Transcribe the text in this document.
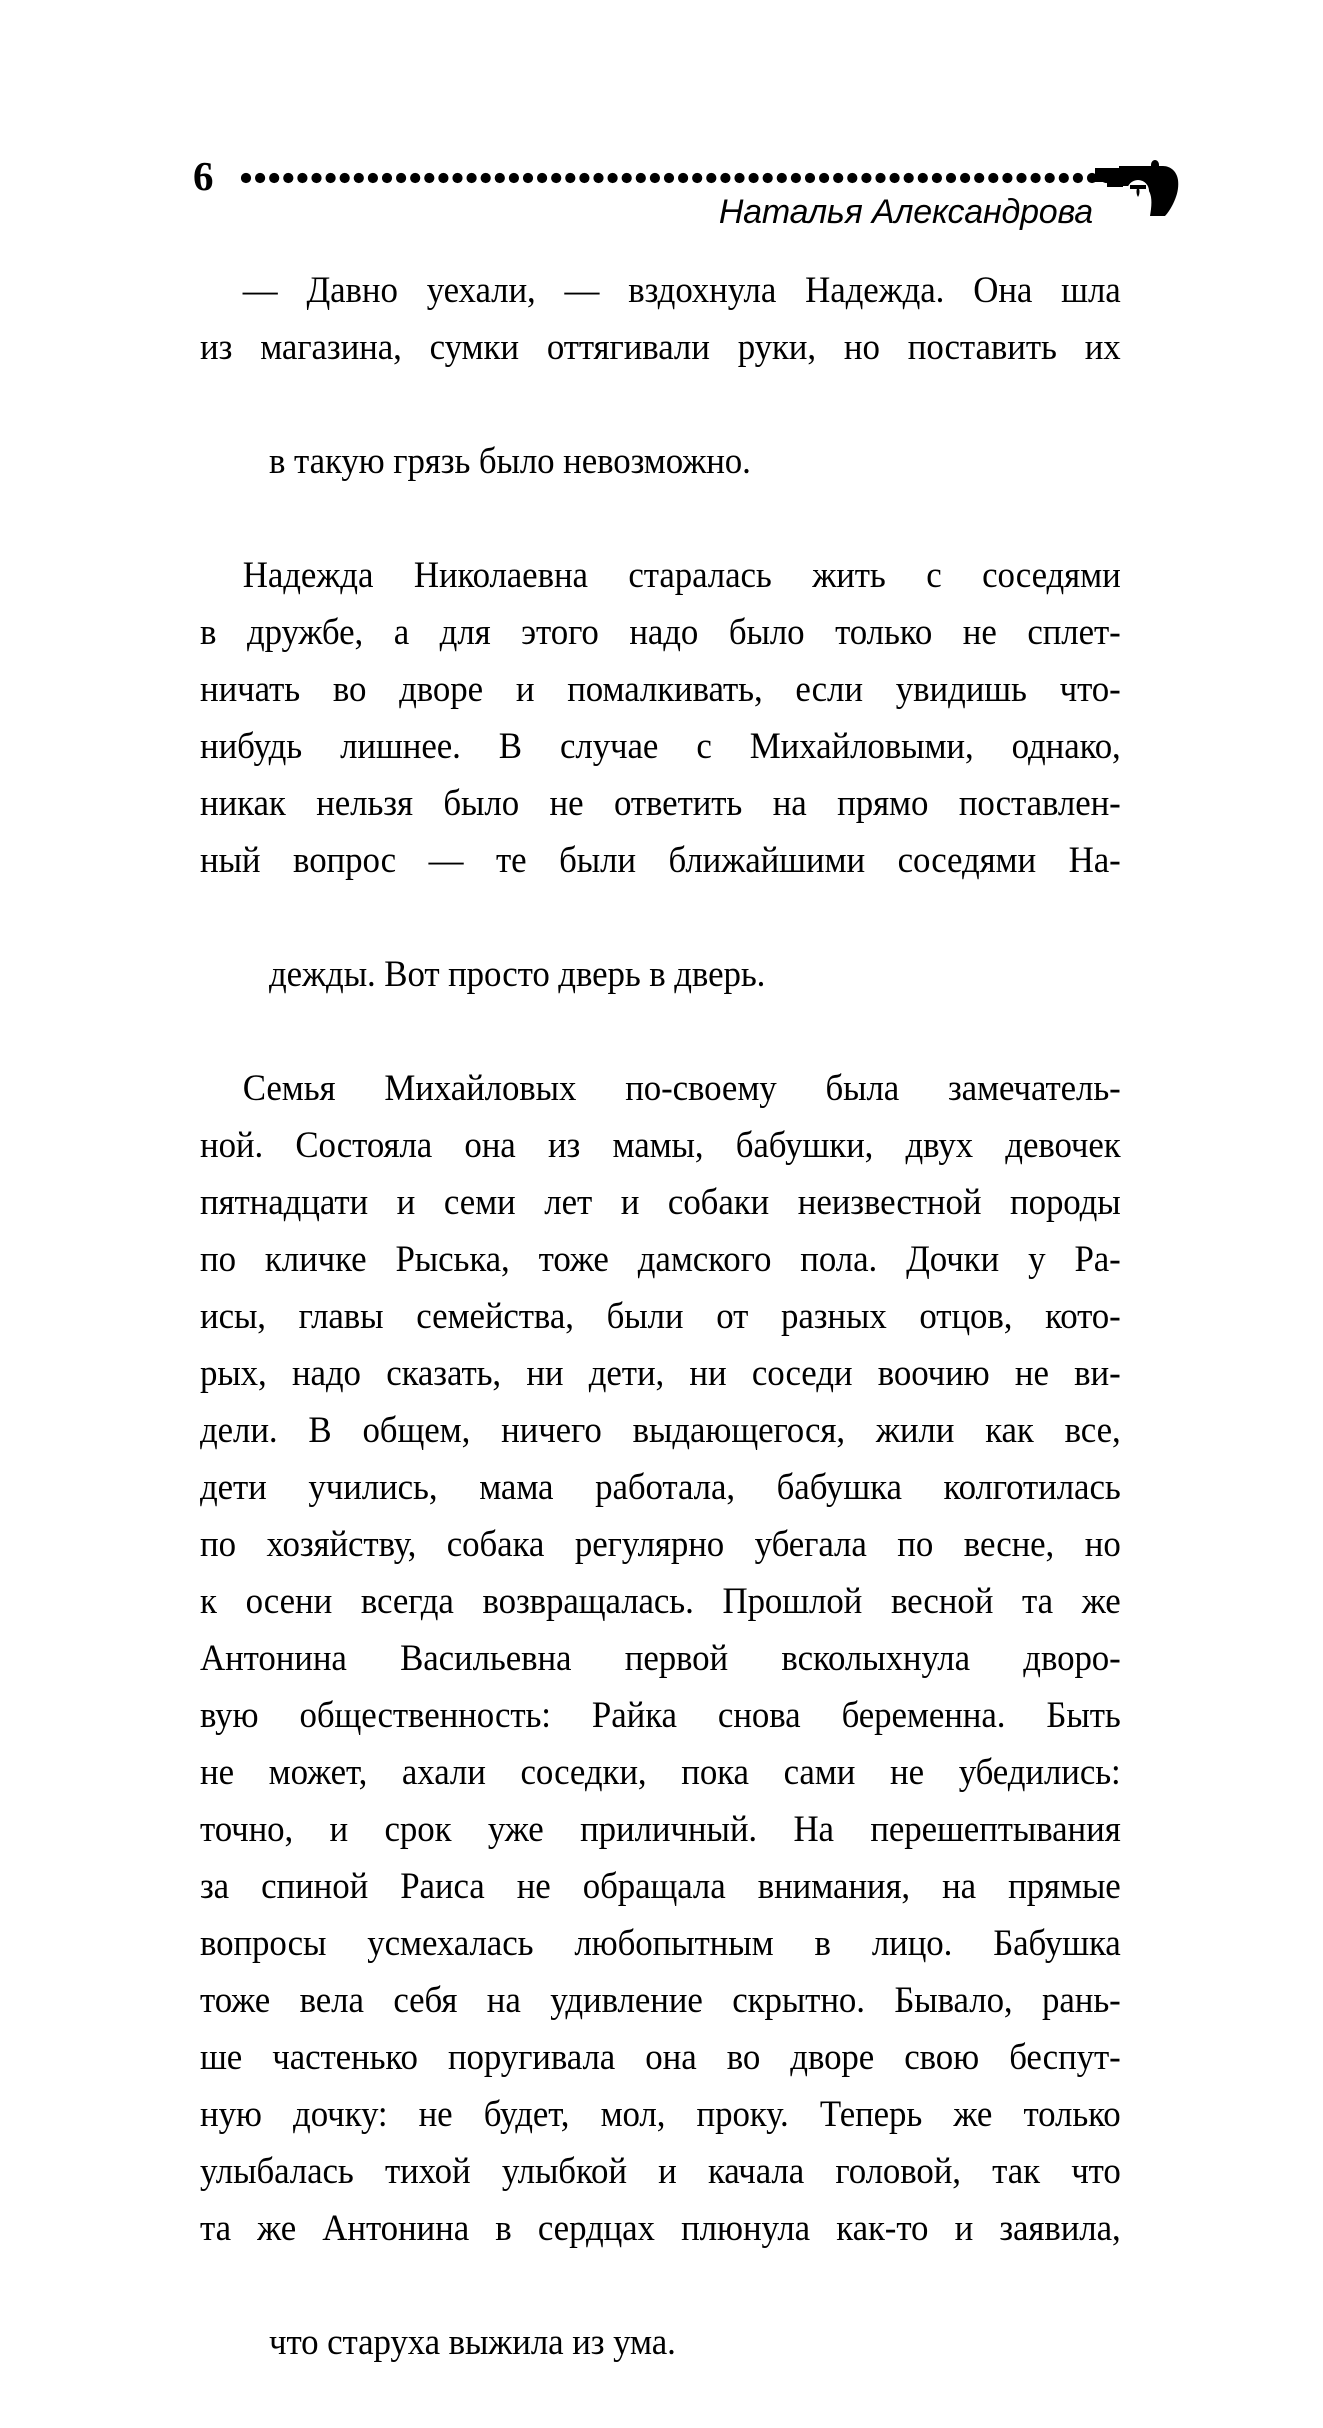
6
Наталья Александрова

— Давно уехали, — вздохнула Надежда. Она шла
из магазина, сумки оттягивали руки, но поставить их

в такую грязь было невозможно.

Надежда Николаевна старалась жить с соседями
в дружбе, а для этого надо было только не сплет-
ничать во дворе и помалкивать, если увидишь что-
нибудь лишнее. В случае с Михайловыми, однако,
никак нельзя было не ответить на прямо поставлен-
ный вопрос — те были ближайшими соседями На-

дежды. Вот просто дверь в дверь.

Семья Михайловых по-своему была замечатель-
ной. Состояла она из мамы, бабушки, двух девочек
пятнадцати и семи лет и собаки неизвестной породы
по кличке Рыська, тоже дамского пола. Дочки у Ра-
исы, главы семейства, были от разных отцов, кото-
рых, надо сказать, ни дети, ни соседи воочию не ви-
дели. В общем, ничего выдающегося, жили как все,
дети учились, мама работала, бабушка колготилась
по хозяйству, собака регулярно убегала по весне, но
к осени всегда возвращалась. Прошлой весной та же
Антонина Васильевна первой всколыхнула дворо-
вую общественность: Райка снова беременна. Быть
не может, ахали соседки, пока сами не убедились:
точно, и срок уже приличный. На перешептывания
за спиной Раиса не обращала внимания, на прямые
вопросы усмехалась любопытным в лицо. Бабушка
тоже вела себя на удивление скрытно. Бывало, рань-
ше частенько поругивала она во дворе свою беспут-
ную дочку: не будет, мол, проку. Теперь же только
улыбалась тихой улыбкой и качала головой, так что
та же Антонина в сердцах плюнула как-то и заявила,

что старуха выжила из ума.
